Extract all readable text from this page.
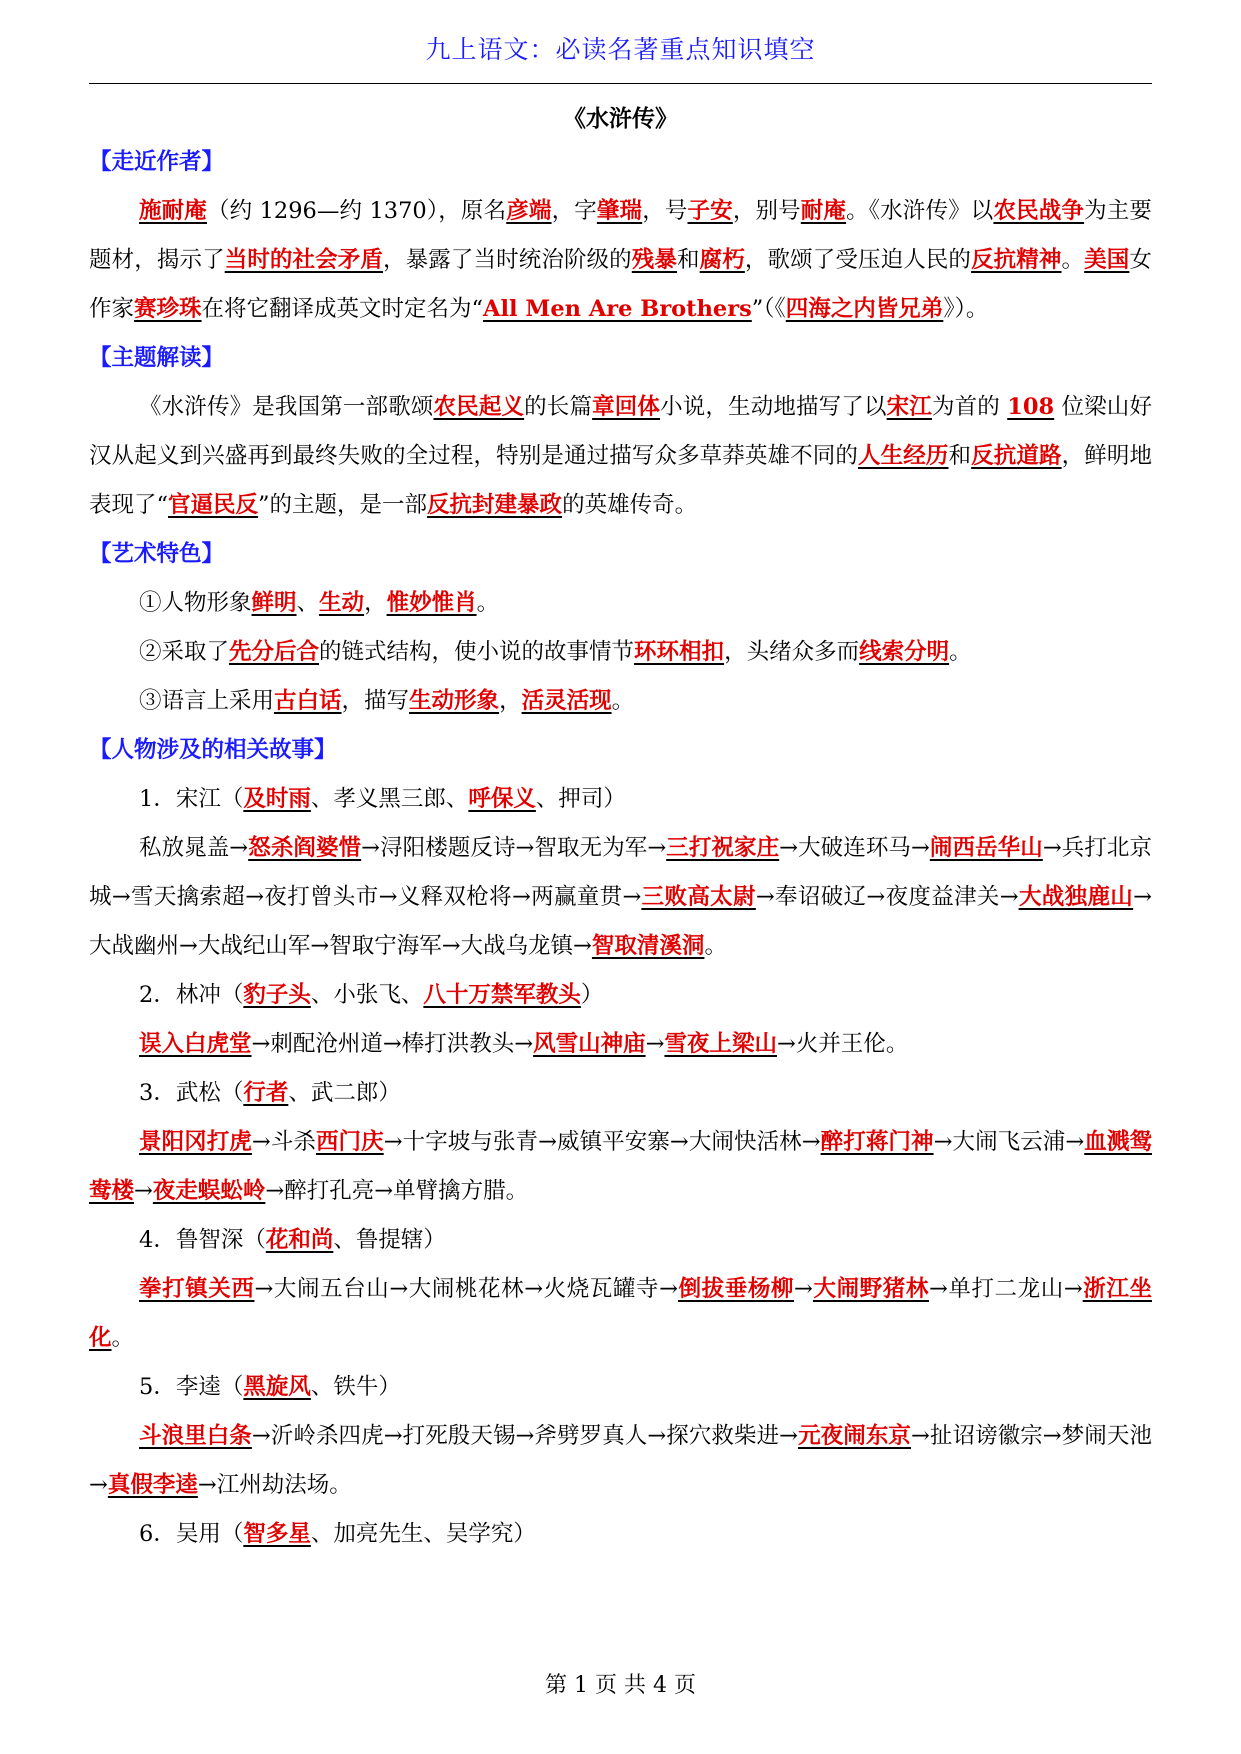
九上语文：必读名著重点知识填空
《水浒传》

【走近作者】

施耐庵（约 1296—约 1370），原名彦端，字肇瑞，号子安，别号耐庵。《水浒传》以农民战争为主要题材，揭示了当时的社会矛盾，暴露了当时统治阶级的残暴和腐朽，歌颂了受压迫人民的反抗精神。美国女作家赛珍珠在将它翻译成英文时定名为“All Men Are Brothers”（《四海之内皆兄弟》）。

【主题解读】

《水浒传》是我国第一部歌颂农民起义的长篇章回体小说，生动地描写了以宋江为首的 108 位梁山好汉从起义到兴盛再到最终失败的全过程，特别是通过描写众多草莽英雄不同的人生经历和反抗道路，鲜明地表现了“官逼民反”的主题，是一部反抗封建暴政的英雄传奇。

【艺术特色】

①人物形象鲜明、生动，惟妙惟肖。

②采取了先分后合的链式结构，使小说的故事情节环环相扣，头绪众多而线索分明。

③语言上采用古白话，描写生动形象，活灵活现。

【人物涉及的相关故事】

1．宋江（及时雨、孝义黑三郎、呼保义、押司）

私放晁盖→怒杀阎婆惜→浔阳楼题反诗→智取无为军→三打祝家庄→大破连环马→闹西岳华山→兵打北京城→雪天擒索超→夜打曾头市→义释双枪将→两赢童贯→三败高太尉→奉诏破辽→夜度益津关→大战独鹿山→大战幽州→大战纪山军→智取宁海军→大战乌龙镇→智取清溪洞。

2．林冲（豹子头、小张飞、八十万禁军教头）

误入白虎堂→刺配沧州道→棒打洪教头→风雪山神庙→雪夜上梁山→火并王伦。

3．武松（行者、武二郎）

景阳冈打虎→斗杀西门庆→十字坡与张青→威镇平安寨→大闹快活林→醉打蒋门神→大闹飞云浦→血溅鸳鸯楼→夜走蜈蚣岭→醉打孔亮→单臂擒方腊。

4．鲁智深（花和尚、鲁提辖）

拳打镇关西→大闹五台山→大闹桃花林→火烧瓦罐寺→倒拔垂杨柳→大闹野猪林→单打二龙山→浙江坐化。

5．李逵（黑旋风、铁牛）

斗浪里白条→沂岭杀四虎→打死殷天锡→斧劈罗真人→探穴救柴进→元夜闹东京→扯诏谤徽宗→梦闹天池→真假李逵→江州劫法场。

6．吴用（智多星、加亮先生、吴学究）

第 1 页 共 4 页
